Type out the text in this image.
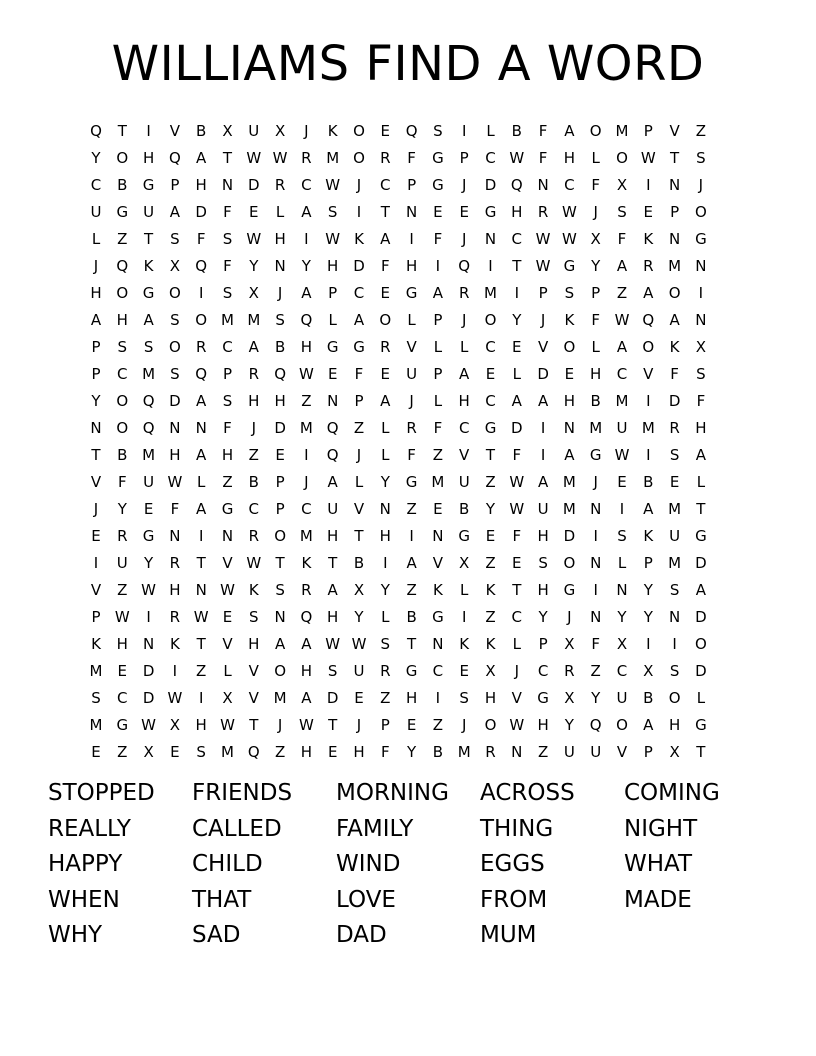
WILLIAMS FIND A WORD
Q	T	I	V	B	X	U	X	J	K	O	E	Q	S	I	L	B	F	A	O M	P	V	Z
Y	O H Q	A	T W W R M O	R	F	G	P	C W F	H	L	O W T	S
C	B	G	P	H	N D	R	C W	J	C	P	G	J	D Q N	C	F	X	I	N	J
U	G U	A	D	F	E	L	A	S	I	T	N	E	E	G H	R W	J	S	E	P	O
L	Z	T	S	F	S W H	I	W K	A	I	F	J	N	C W W X	F	K	N G
J	Q	K	X	Q	F	Y	N	Y	H D	F	H	I	Q	I	T W G	Y	A	R M N
H O G O	I	S	X	J	A	P	C	E	G	A	R M	I	P	S	P	Z	A	O	I
A	H	A	S	O M M	S	Q	L	A	O	L	P	J	O	Y	J	K	F W Q	A	N
P	S	S	O	R	C	A	B	H G G	R	V	L	L	C	E	V	O	L	A	O	K	X
P	C M	S	Q	P	R	Q W E	F	E	U	P	A	E	L	D	E	H	C	V	F	S
Y	O Q D	A	S	H	H	Z	N	P	A	J	L	H	C	A	A	H	B M	I	D	F
N O Q N	N	F	J	D M Q	Z	L	R	F	C	G D	I	N M U M R	H
T	B M H	A	H	Z	E	I	Q	J	L	F	Z	V	T	F	I	A	G W	I	S	A
V	F	U W L	Z	B	P	J	A	L	Y	G M U	Z W A M	J	E	B	E	L
J	Y	E	F	A	G	C	P	C	U	V	N	Z	E	B	Y W U M N	I	A M	T
E	R	G N	I	N	R	O M H	T	H	I	N G	E	F	H D	I	S	K	U	G
I	U	Y	R	T	V W T	K	T	B	I	A	V	X	Z	E	S	O N	L	P	M D
V	Z W H	N W K	S	R	A	X	Y	Z	K	L	K	T	H G	I	N	Y	S	A
P W	I	R W E	S	N Q H	Y	L	B	G	I	Z	C	Y	J	N	Y	Y	N D
K	H	N	K	T	V	H	A	A W W S	T	N	K	K	L	P	X	F	X	I	I	O
M	E	D	I	Z	L	V	O H	S	U	R	G	C	E	X	J	C	R	Z	C	X	S	D
S	C	D W	I	X	V M A	D	E	Z	H	I	S	H	V	G	X	Y	U	B	O	L
M G W X	H W T	J	W T	J	P	E	Z	J	O W H	Y	Q O	A	H G
E	Z	X	E	S	M Q	Z	H	E	H	F	Y	B M R	N	Z	U	U	V	P	X	T
STOPPED FRIENDS MORNING ACROSS COMING
REALLY	CALLED FAMILY	THING	NIGHT
HAPPY	CHILD	WIND	EGGS	WHAT
WHEN	THAT	LOVE	FROM	MADE
WHY	SAD	DAD	MUM
